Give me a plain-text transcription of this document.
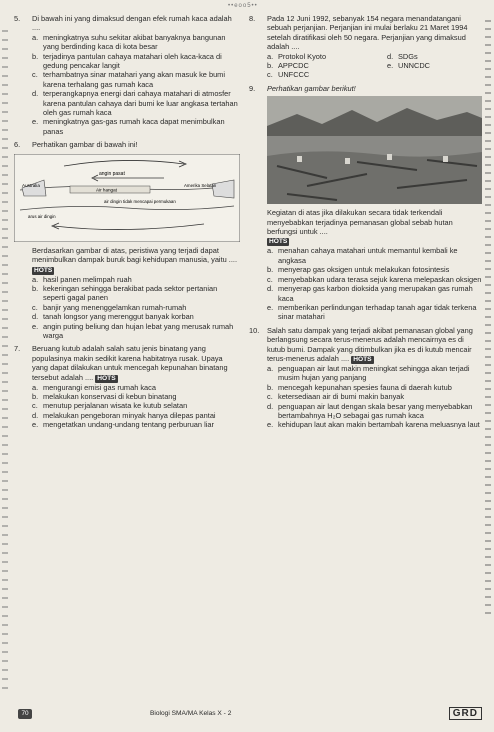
••eoo5••
5.	Di bawah ini yang dimaksud dengan efek rumah kaca adalah ....
a. meningkatnya suhu sekitar akibat banyaknya bangunan yang berdinding kaca di kota besar
b. terjadinya pantulan cahaya matahari oleh kaca-kaca di gedung pencakar langit
c. terhambatnya sinar matahari yang akan masuk ke bumi karena terhalang gas rumah kaca
d. terperangkapnya energi dari cahaya matahari di atmosfer karena pantulan cahaya dari bumi ke luar angkasa tertahan oleh gas rumah kaca
e. meningkatnya gas-gas rumah kaca dapat menimbulkan panas
6.	Perhatikan gambar di bawah ini!
angin pasat
Australia
Air hangat
Amerika Selatan
air dingin tidak mencapai permukaan
arus air dingin
Berdasarkan gambar di atas, peristiwa yang terjadi dapat menimbulkan dampak buruk bagi kehidupan manusia, yaitu ....
HOTS
a. hasil panen melimpah ruah
b. kekeringan sehingga berakibat pada sektor pertanian seperti gagal panen
c. banjir yang menenggelamkan rumah-rumah
d. tanah longsor yang merenggut banyak korban
e. angin puting beliung dan hujan lebat yang merusak rumah warga
7.	Beruang kutub adalah salah satu jenis binatang yang populasinya makin sedikit karena habitatnya rusak. Upaya yang dapat dilakukan untuk mencegah kepunahan binatang tersebut adalah .... HOTS
a. mengurangi emisi gas rumah kaca
b. melakukan konservasi di kebun binatang
c. menutup perjalanan wisata ke kutub selatan
d. melakukan pengeboran minyak hanya dilepas pantai
e. mengetatkan undang-undang tentang perburuan liar
8.	Pada 12 Juni 1992, sebanyak 154 negara menandatangani sebuah perjanjian. Perjanjian ini mulai berlaku 21 Maret 1994 setelah diratifikasi oleh 50 negara. Perjanjian yang dimaksud adalah ....
a. Protokol Kyoto
b. APPCDC
c. UNFCCC
d. SDGs
e. UNNCDC
9.	Perhatikan gambar berikut!
Kegiatan di atas jika dilakukan secara tidak terkendali menyebabkan terjadinya pemanasan global sebab hutan berfungsi untuk ....
HOTS
a. menahan cahaya matahari untuk memantul kembali ke angkasa
b. menyerap gas oksigen untuk melakukan fotosintesis
c. menyebabkan udara terasa sejuk karena melepaskan oksigen
d. menyerap gas karbon dioksida yang merupakan gas rumah kaca
e. memberikan perlindungan terhadap tanah agar tidak terkena sinar matahari
10.	Salah satu dampak yang terjadi akibat pemanasan global yang berlangsung secara terus-menerus adalah mencairnya es di kutub bumi. Dampak yang ditimbulkan jika es di kutub mencair terus-menerus adalah .... HOTS
a. penguapan air laut makin meningkat sehingga akan terjadi musim hujan yang panjang
b. mencegah kepunahan spesies fauna di daerah kutub
c. ketersediaan air di bumi makin banyak
d. penguapan air laut dengan skala besar yang menyebabkan bertambahnya H₂O sebagai gas rumah kaca
e. kehidupan laut akan makin bertambah karena meluasnya laut
70	Biologi SMA/MA Kelas X - 2	GRD
